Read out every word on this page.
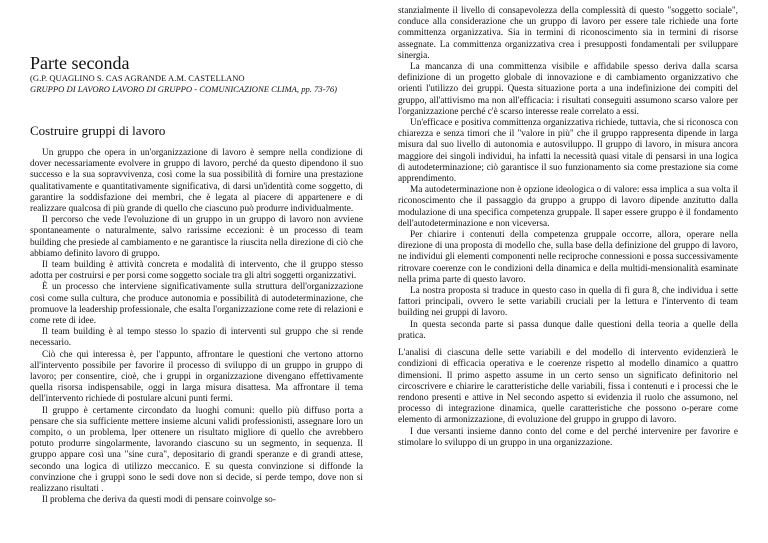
Parte seconda
(G.P. QUAGLINO S. CAS AGRANDE A.M. CASTELLANO
GRUPPO DI LAVORO LAVORO DI GRUPPO - COMUNICAZIONE CLIMA, pp. 73-76)
Costruire gruppi di lavoro

Un gruppo che opera in un'organizzazione di lavoro è sempre nella condizione di dover necessariamente evolvere in gruppo di lavoro, perché da questo dipendono il suo successo e la sua sopravvivenza, così come la sua possibilità di fornire una prestazione qualitativamente e quantitativamente significativa, di darsi un'identità come soggetto, di garantire la soddisfazione dei membri, che è legata al piacere di appartenere e di realizzare qualcosa di più grande di quello che ciascuno può produrre individualmente.

Il percorso che vede l'evoluzione di un gruppo in un gruppo di lavoro non avviene spontaneamente o naturalmente, salvo rarissime eccezioni: è un processo di team building che presiede al cambiamento e ne garantisce la riuscita nella direzione di ciò che abbiamo definito lavoro di gruppo.

Il team building è attività concreta e modalità di intervento, che il gruppo stesso adotta per costruirsi e per porsi come soggetto sociale tra gli altri soggetti organizzativi.

È un processo che interviene significativamente sulla struttura dell'organizzazione così come sulla cultura, che produce autonomia e possibilità di autodeterminazione, che promuove la leadership professionale, che esalta l'organizzazione come rete di relazioni e come rete di idee.

Il team building è al tempo stesso lo spazio di interventi sul gruppo che si rende necessario.

Ciò che qui interessa è, per l'appunto, affrontare le questioni che vertono attorno all'intervento possibile per favorire il processo di sviluppo di un gruppo in gruppo di lavoro; per consentire, cioè, che i gruppi in organizzazione divengano effettivamente quella risorsa indispensabile, oggi in larga misura disattesa. Ma affrontare il tema dell'intervento richiede di postulare alcuni punti fermi.

Il gruppo è certamente circondato da luoghi comuni: quello più diffuso porta a pensare che sia sufficiente mettere insieme alcuni validi professionisti, assegnare loro un compito, o un problema, lper ottenere un risultato migliore di quello che avrebbero potuto produrre singolarmente, lavorando ciascuno su un segmento, in sequenza. Il gruppo appare così una "sine cura", depositario di grandi speranze e di grandi attese, secondo una logica di utilizzo meccanico. E su questa convinzione si diffonde la convinzione che i gruppi sono le sedi dove non si decide, si perde tempo, dove non si realizzano risultati .

Il problema che deriva da questi modi di pensare coinvolge so-

stanzialmente il livello di consapevolezza della complessità di questo "soggetto sociale", conduce alla considerazione che un gruppo di lavoro per essere tale richiede una forte committenza organizzativa. Sia in termini di riconoscimento sia in termini di risorse assegnate. La committenza organizzativa crea i presupposti fondamentali per sviluppare sinergia.

La mancanza di una committenza visibile e affidabile spesso deriva dalla scarsa definizione di un progetto globale di innovazione e di cambiamento organizzativo che orienti l'utilizzo dei gruppi. Questa situazione porta a una indefinizione dei compiti del gruppo, all'attivismo ma non all'efficacia: i risultati conseguiti assumono scarso valore per l'organizzazione perché c'è scarso interesse reale correlato a essi.

Un'efficace e positiva committenza organizzativa richiede, tuttavia, che si riconosca con chiarezza e senza timori che il "valore in più" che il gruppo rappresenta dipende in larga misura dal suo livello di autonomia e autosviluppo. Il gruppo di lavoro, in misura ancora maggiore dei singoli individui, ha infatti la necessità quasi vitale di pensarsi in una logica di autodeterminazione; ciò garantisce il suo funzionamento sia come prestazione sia come apprendimento.

Ma autodeterminazione non è opzione ideologica o di valore: essa implica a sua volta il riconoscimento che il passaggio da gruppo a gruppo di lavoro dipende anzitutto dalla modulazione di una specifica competenza gruppale. Il saper essere gruppo è il fondamento dell'autodeterminazione e non viceversa.

Per chiarire i contenuti della competenza gruppale occorre, allora, operare nella direzione di una proposta di modello che, sulla base della definizione del gruppo di lavoro, ne individui gli elementi componenti nelle reciproche connessioni e possa successivamente ritrovare coerenze con le condizioni della dinamica e della multidi-mensionalità esaminate nella prima parte di questo lavoro.

La nostra proposta si traduce in questo caso in quella di fi gura 8, che individua i sette fattori principali, ovvero le sette variabili cruciali per la lettura e l'intervento di team building nei gruppi di lavoro.

In questa seconda parte si passa dunque dalle questioni della teoria a quelle della pratica.

L'analisi di ciascuna delle sette variabili e del modello di intervento evidenzierà le condizioni di efficacia operativa e le coerenze rispetto al modello dinamico a quattro dimensioni. Il primo aspetto assume in un certo senso un significato definitorio nel circoscrivere e chiarire le caratteristiche delle variabili, fissa i contenuti e i processi che le rendono presenti e attive in Nel secondo aspetto si evidenzia il ruolo che assumono, nel processo di integrazione dinamica, quelle caratteristiche che possono o-perare come elemento di armonizzazione, di evoluzione del gruppo in gruppo di lavoro.

I due versanti insieme danno conto del come e del perché intervenire per favorire e stimolare lo sviluppo di un gruppo in una organizzazione.
